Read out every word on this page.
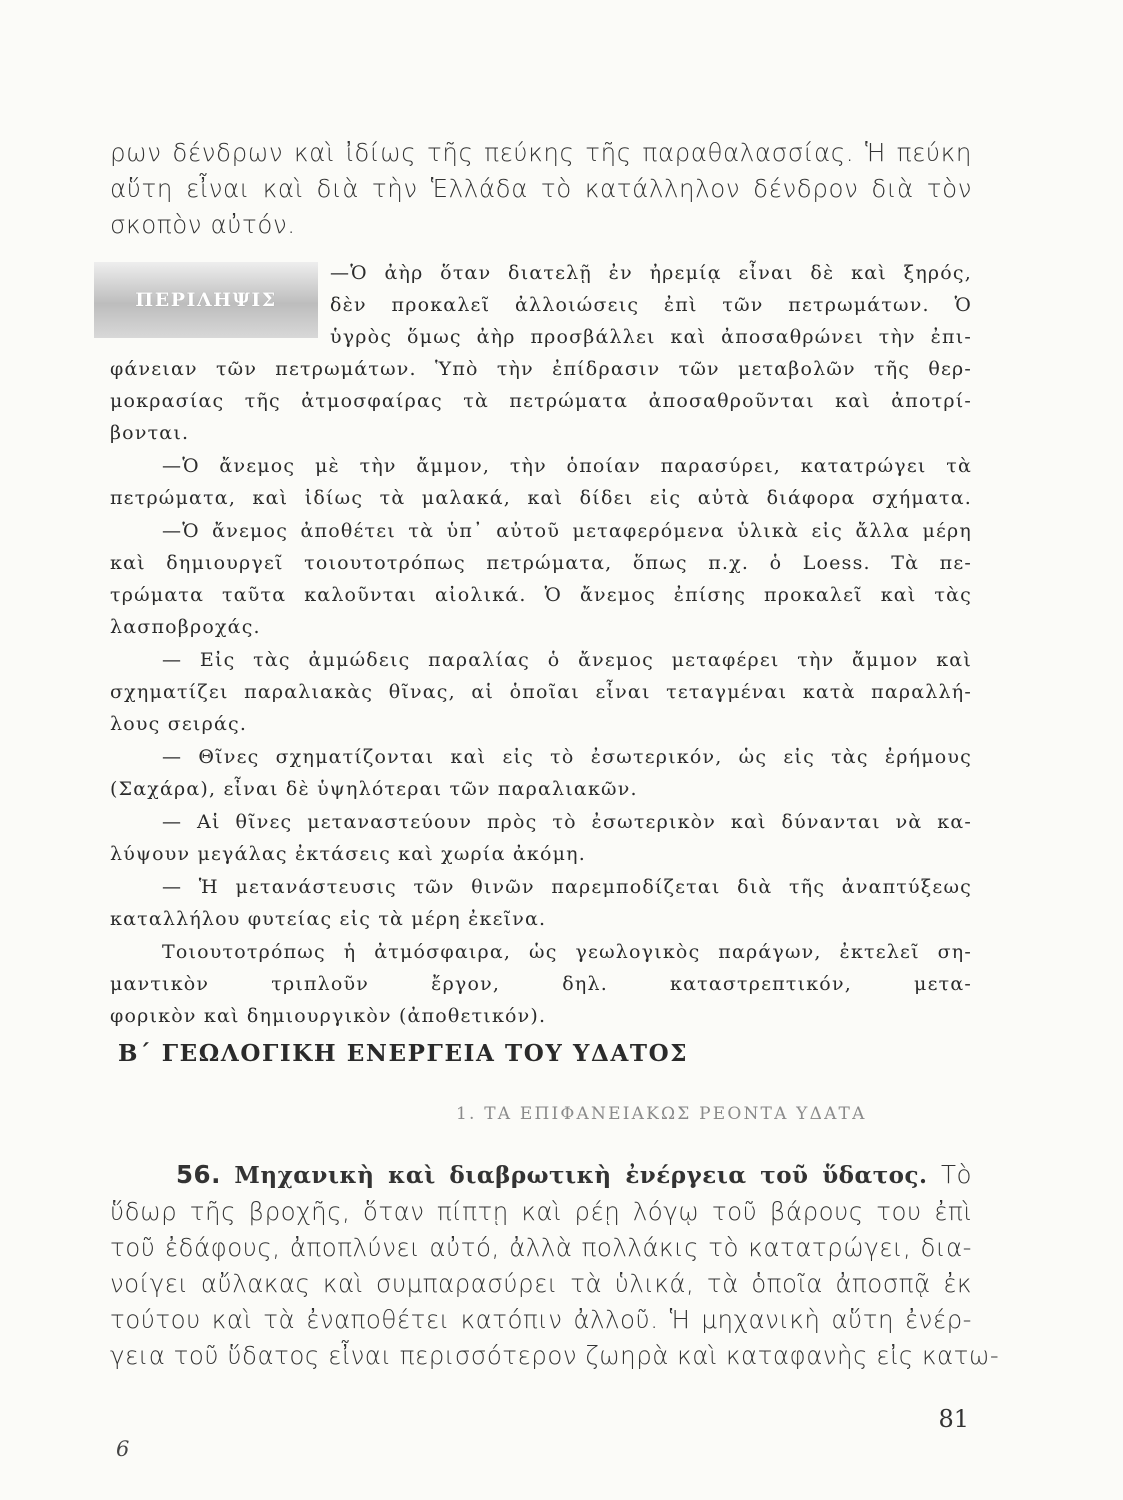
ρων δένδρων καὶ ἰδίως τῆς πεύκης τῆς παραθαλασσίας. Ἡ πεύκη
αὕτη εἶναι καὶ διὰ τὴν Ἑλλάδα τὸ κατάλληλον δένδρον διὰ τὸν
σκοπὸν αὐτόν.
ΠΕΡΙΛΗΨΙΣ
—Ὁ ἀὴρ ὅταν διατελῇ ἐν ἠρεμίᾳ εἶναι δὲ καὶ ξηρός,
δὲν προκαλεῖ ἀλλοιώσεις ἐπὶ τῶν πετρωμάτων. Ὁ
ὑγρὸς ὅμως ἀὴρ προσβάλλει καὶ ἀποσαθρώνει τὴν ἐπι-
φάνειαν τῶν πετρωμάτων. Ὑπὸ τὴν ἐπίδρασιν τῶν μεταβολῶν τῆς θερ-
μοκρασίας τῆς ἀτμοσφαίρας τὰ πετρώματα ἀποσαθροῦνται καὶ ἀποτρί-
βονται.
—Ὁ ἄνεμος μὲ τὴν ἄμμον, τὴν ὁποίαν παρασύρει, κατατρώγει τὰ
πετρώματα, καὶ ἰδίως τὰ μαλακά, καὶ δίδει εἰς αὐτὰ διάφορα σχήματα.
—Ὁ ἄνεμος ἀποθέτει τὰ ὑπ᾿ αὐτοῦ μεταφερόμενα ὑλικὰ εἰς ἄλλα μέρη
καὶ δημιουργεῖ τοιουτοτρόπως πετρώματα, ὅπως π.χ. ὁ Loess. Τὰ πε-
τρώματα ταῦτα καλοῦνται αἰολικά. Ὁ ἄνεμος ἐπίσης προκαλεῖ καὶ τὰς
λασποβροχάς.
— Εἰς τὰς ἀμμώδεις παραλίας ὁ ἄνεμος μεταφέρει τὴν ἄμμον καὶ
σχηματίζει παραλιακὰς θῖνας, αἱ ὁποῖαι εἶναι τεταγμέναι κατὰ παραλλή-
λους σειράς.
— Θῖνες σχηματίζονται καὶ εἰς τὸ ἐσωτερικόν, ὡς εἰς τὰς ἐρήμους
(Σαχάρα), εἶναι δὲ ὑψηλότεραι τῶν παραλιακῶν.
— Αἱ θῖνες μεταναστεύουν πρὸς τὸ ἐσωτερικὸν καὶ δύνανται νὰ κα-
λύψουν μεγάλας ἐκτάσεις καὶ χωρία ἀκόμη.
— Ἡ μετανάστευσις τῶν θινῶν παρεμποδίζεται διὰ τῆς ἀναπτύξεως
καταλλήλου φυτείας εἰς τὰ μέρη ἐκεῖνα.
Τοιουτοτρόπως ἡ ἀτμόσφαιρα, ὡς γεωλογικὸς παράγων, ἐκτελεῖ ση-
μαντικὸν τριπλοῦν ἔργον, δηλ. καταστρεπτικόν, μετα-
φορικὸν καὶ δημιουργικὸν (ἀποθετικόν).
Β΄ ΓΕΩΛΟΓΙΚΗ ΕΝΕΡΓΕΙΑ ΤΟΥ ΥΔΑΤΟΣ
1. ΤΑ ΕΠΙΦΑΝΕΙΑΚΩΣ ΡΕΟΝΤΑ ΥΔΑΤΑ
56. Μηχανικὴ καὶ διαβρωτικὴ ἐνέργεια τοῦ ὕδατος. Τὸ
ὕδωρ τῆς βροχῆς, ὅταν πίπτῃ καὶ ρέῃ λόγῳ τοῦ βάρους του ἐπὶ
τοῦ ἐδάφους, ἀποπλύνει αὐτό, ἀλλὰ πολλάκις τὸ κατατρώγει, δια-
νοίγει αὔλακας καὶ συμπαρασύρει τὰ ὑλικά, τὰ ὁποῖα ἀποσπᾷ ἐκ
τούτου καὶ τὰ ἐναποθέτει κατόπιν ἀλλοῦ. Ἡ μηχανικὴ αὕτη ἐνέρ-
γεια τοῦ ὕδατος εἶναι περισσότερον ζωηρὰ καὶ καταφανὴς εἰς κατω-
81
6
